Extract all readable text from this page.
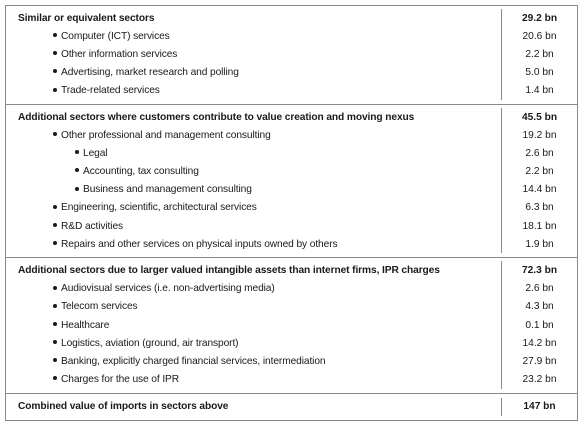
Similar or equivalent sectors	29.2 bn
Computer (ICT) services	20.6 bn
Other information services	2.2 bn
Advertising, market research and polling	5.0 bn
Trade-related services	1.4 bn
Additional sectors where customers contribute to value creation and moving nexus	45.5 bn
Other professional and management consulting	19.2 bn
Legal	2.6 bn
Accounting, tax consulting	2.2 bn
Business and management consulting	14.4 bn
Engineering, scientific, architectural services	6.3 bn
R&D activities	18.1 bn
Repairs and other services on physical inputs owned by others	1.9 bn
Additional sectors due to larger valued intangible assets than internet firms, IPR charges	72.3 bn
Audiovisual services (i.e. non-advertising media)	2.6 bn
Telecom services	4.3 bn
Healthcare	0.1 bn
Logistics, aviation (ground, air transport)	14.2 bn
Banking, explicitly charged financial services, intermediation	27.9 bn
Charges for the use of IPR	23.2 bn
Combined value of imports in sectors above	147 bn
